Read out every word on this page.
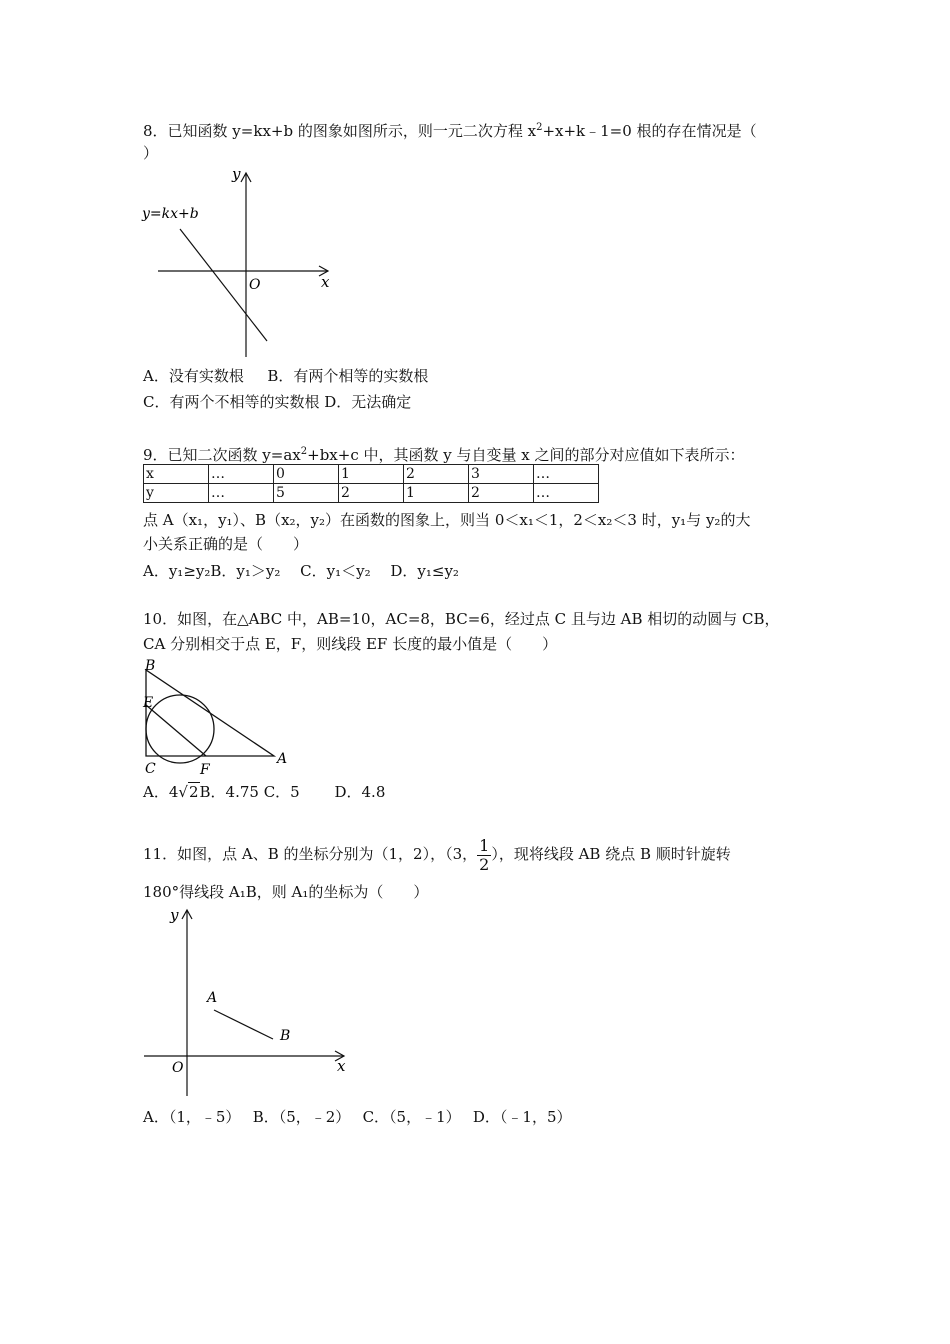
8．已知函数 y=kx+b 的图象如图所示，则一元二次方程 $x^2+x+k﹣1=0$ 根的存在情况是（
）
y=kx+b
y
x
O
A．没有实数根 B．有两个相等的实数根
C．有两个不相等的实数根 D．无法确定
9．已知二次函数 $y=ax^2+bx+c$ 中，其函数 y 与自变量 x 之间的部分对应值如下表所示：
x	…	0	1	2	3	…
y	…	5	2	1	2	…
点 A（x₁，y₁）、B（x₂，y₂）在函数的图象上，则当 0＜x₁＜1，2＜x₂＜3 时，y₁与 y₂的大
小关系正确的是（　　）
A．y₁≥y₂B．y₁＞y₂　 C．y₁＜y₂　 D．y₁≤y₂
10．如图，在△ABC 中，AB=10，AC=8，BC=6，经过点 C 且与边 AB 相切的动圆与 CB，
CA 分别相交于点 E，F，则线段 EF 长度的最小值是（　　）
B
E
C	F
A
A．4√2B．4.75 C．5　 　D．4.8
11．如图，点 A、B 的坐标分别为（1，2），（3， $\frac{1}{2}$ ），现将线段 AB 绕点 B 顺时针旋转
180°得线段 A₁B，则 A₁的坐标为（　　）
y
x
O
A
B
A．（1，﹣5）　 B．（5，﹣2）　 C．（5，﹣1）　 D．（﹣1，5）
